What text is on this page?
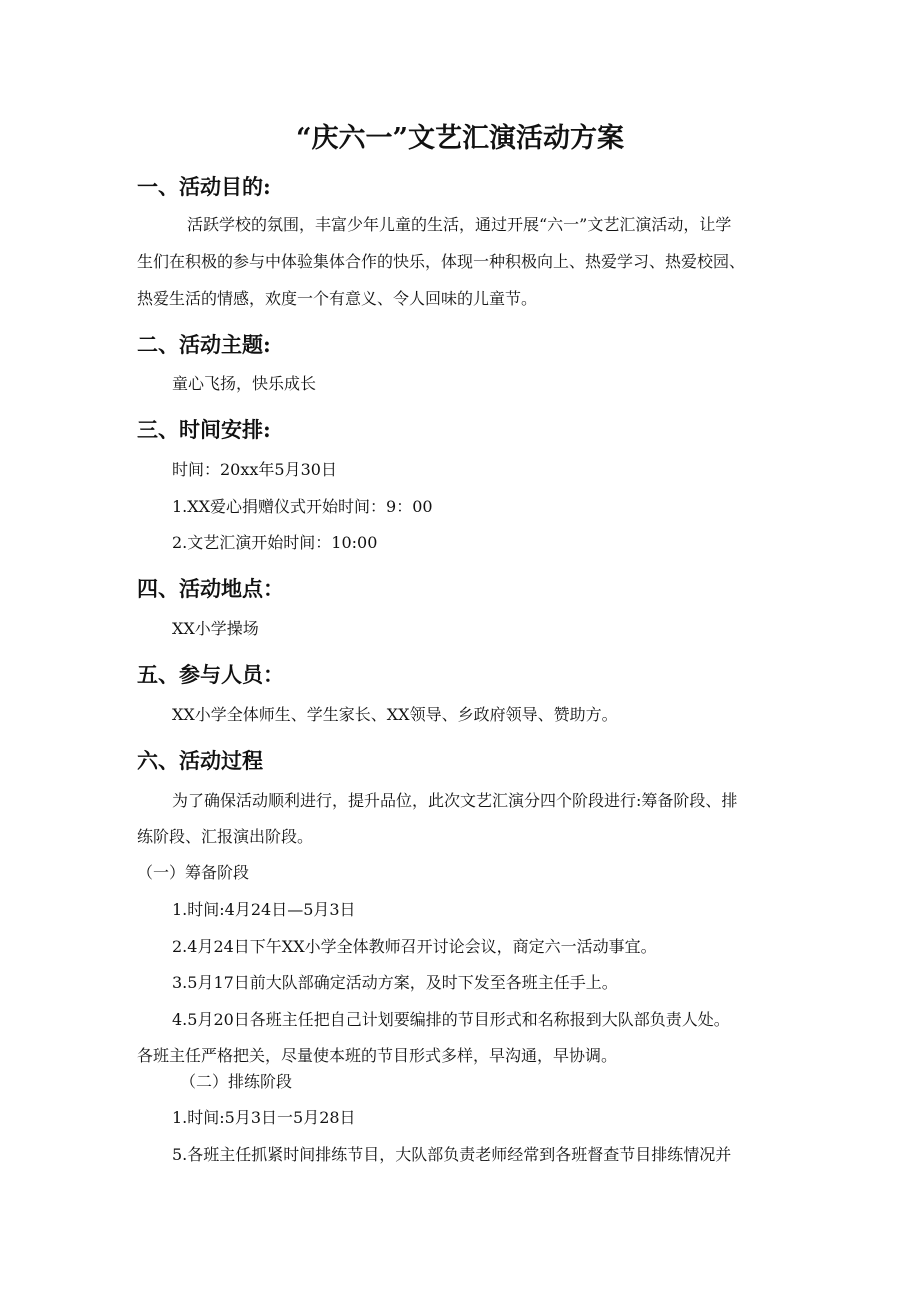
“庆六一”文艺汇演活动方案
一、活动目的:

活跃学校的氛围，丰富少年儿童的生活，通过开展“六一”文艺汇演活动，让学

生们在积极的参与中体验集体合作的快乐，体现一种积极向上、热爱学习、热爱校园、

热爱生活的情感，欢度一个有意义、令人回味的儿童节。

二、活动主题:

童心飞扬，快乐成长

三、时间安排:

时间：20xx年5月30日

1.XX爱心捐赠仪式开始时间：9：00

2.文艺汇演开始时间：10:00

四、活动地点：

XX小学操场

五、参与人员：

XX小学全体师生、学生家长、XX领导、乡政府领导、赞助方。

六、活动过程

为了确保活动顺利进行，提升品位，此次文艺汇演分四个阶段进行:筹备阶段、排

练阶段、汇报演出阶段。

（一）筹备阶段

1.时间:4月24日—5月3日

2.4月24日下午XX小学全体教师召开讨论会议，商定六一活动事宜。

3.5月17日前大队部确定活动方案，及时下发至各班主任手上。

4.5月20日各班主任把自己计划要编排的节目形式和名称报到大队部负责人处。

各班主任严格把关，尽量使本班的节目形式多样，早沟通，早协调。

（二）排练阶段

1.时间:5月3日一5月28日

5.各班主任抓紧时间排练节目，大队部负责老师经常到各班督查节目排练情况并
